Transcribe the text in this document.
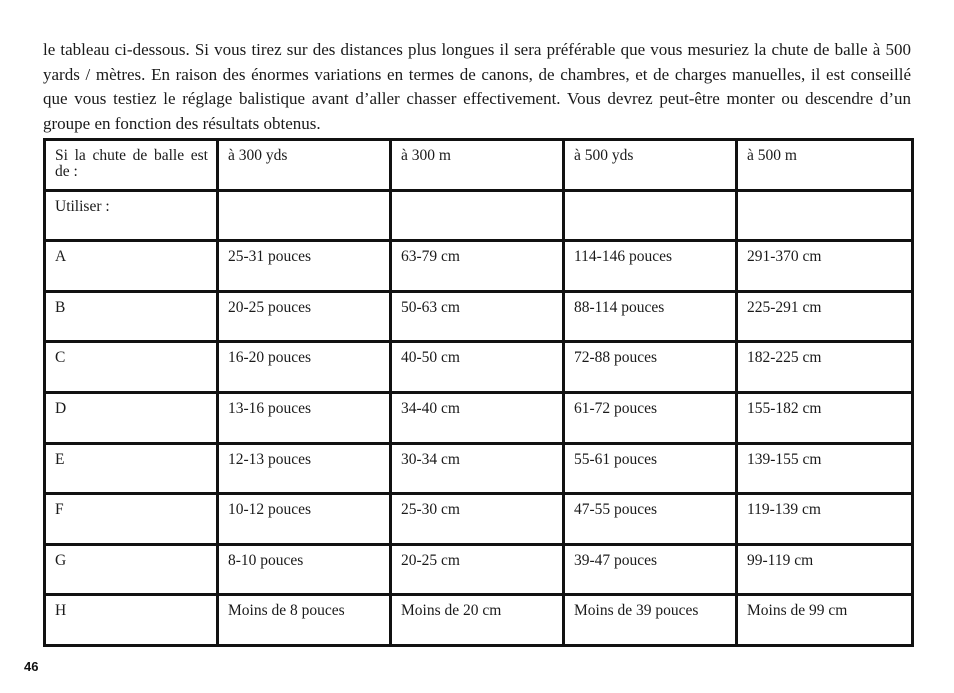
le tableau ci-dessous. Si vous tirez sur des distances plus longues il sera préférable que vous mesuriez la chute de balle à 500 yards / mètres. En raison des énormes variations en termes de canons, de chambres, et de charges manuelles, il est conseillé que vous testiez le réglage balistique avant d’aller chasser effectivement. Vous devrez peut-être monter ou descendre d’un groupe en fonction des résultats obtenus.

Si la chute de balle est de :	à 300 yds	à 300 m	à 500 yds	à 500 m
Utiliser :				
A	25-31 pouces	63-79 cm	114-146 pouces	291-370 cm
B	20-25 pouces	50-63 cm	88-114 pouces	225-291 cm
C	16-20 pouces	40-50 cm	72-88 pouces	182-225 cm
D	13-16 pouces	34-40 cm	61-72 pouces	155-182 cm
E	12-13 pouces	30-34 cm	55-61 pouces	139-155 cm
F	10-12 pouces	25-30 cm	47-55 pouces	119-139 cm
G	8-10 pouces	20-25 cm	39-47 pouces	99-119 cm
H	Moins de 8 pouces	Moins de 20 cm	Moins de 39 pouces	Moins de 99 cm
46
